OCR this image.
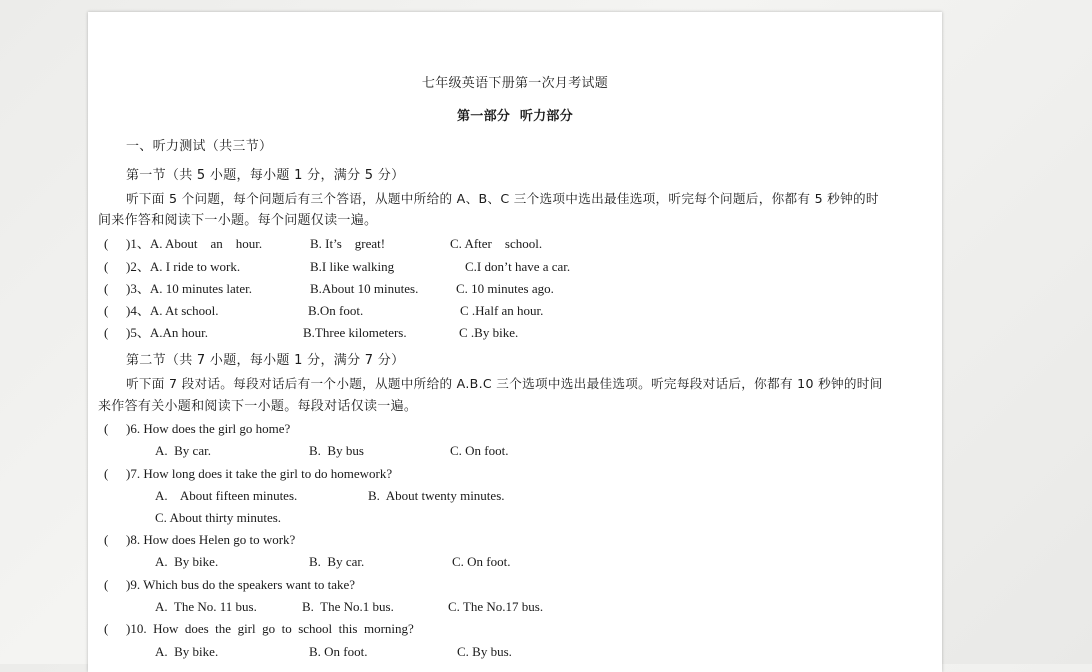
七年级英语下册第一次月考试题
第一部分  听力部分
一、听力测试（共三节）
第一节（共 5 小题，每小题 1 分，满分 5 分）
听下面 5 个问题，每个问题后有三个答语，从题中所给的 A、B、C 三个选项中选出最佳选项，听完每个问题后，你都有 5 秒钟的时
间来作答和阅读下一小题。每个问题仅读一遍。
( )1、A. About    an    hour.	B. It’s    great!	C. After    school.
( )2、A. I ride to work.	B.I like walking	C.I don’t have a car.
( )3、A. 10 minutes later.	B.About 10 minutes.	C. 10 minutes ago.
( )4、A. At school.	B.On foot.	C .Half an hour.
( )5、A.An hour.	B.Three kilometers.	C .By bike.
第二节（共 7 小题，每小题 1 分，满分 7 分）
听下面 7 段对话。每段对话后有一个小题，从题中所给的 A.B.C 三个选项中选出最佳选项。听完每段对话后，你都有 10 秒钟的时间
来作答有关小题和阅读下一小题。每段对话仅读一遍。
( )6. How does the girl go home?
A.  By car.	B.  By bus	C. On foot.
( )7. How long does it take the girl to do homework?
A.    About fifteen minutes.	B.  About twenty minutes.
C. About thirty minutes.
( )8. How does Helen go to work?
A.  By bike.	B.  By car.	C. On foot.
( )9. Which bus do the speakers want to take?
A.  The No. 11 bus.	B.  The No.1 bus.	C. The No.17 bus.
( )10.  How  does  the  girl  go  to  school  this  morning?
A.  By bike.	B. On foot.	C. By bus.
